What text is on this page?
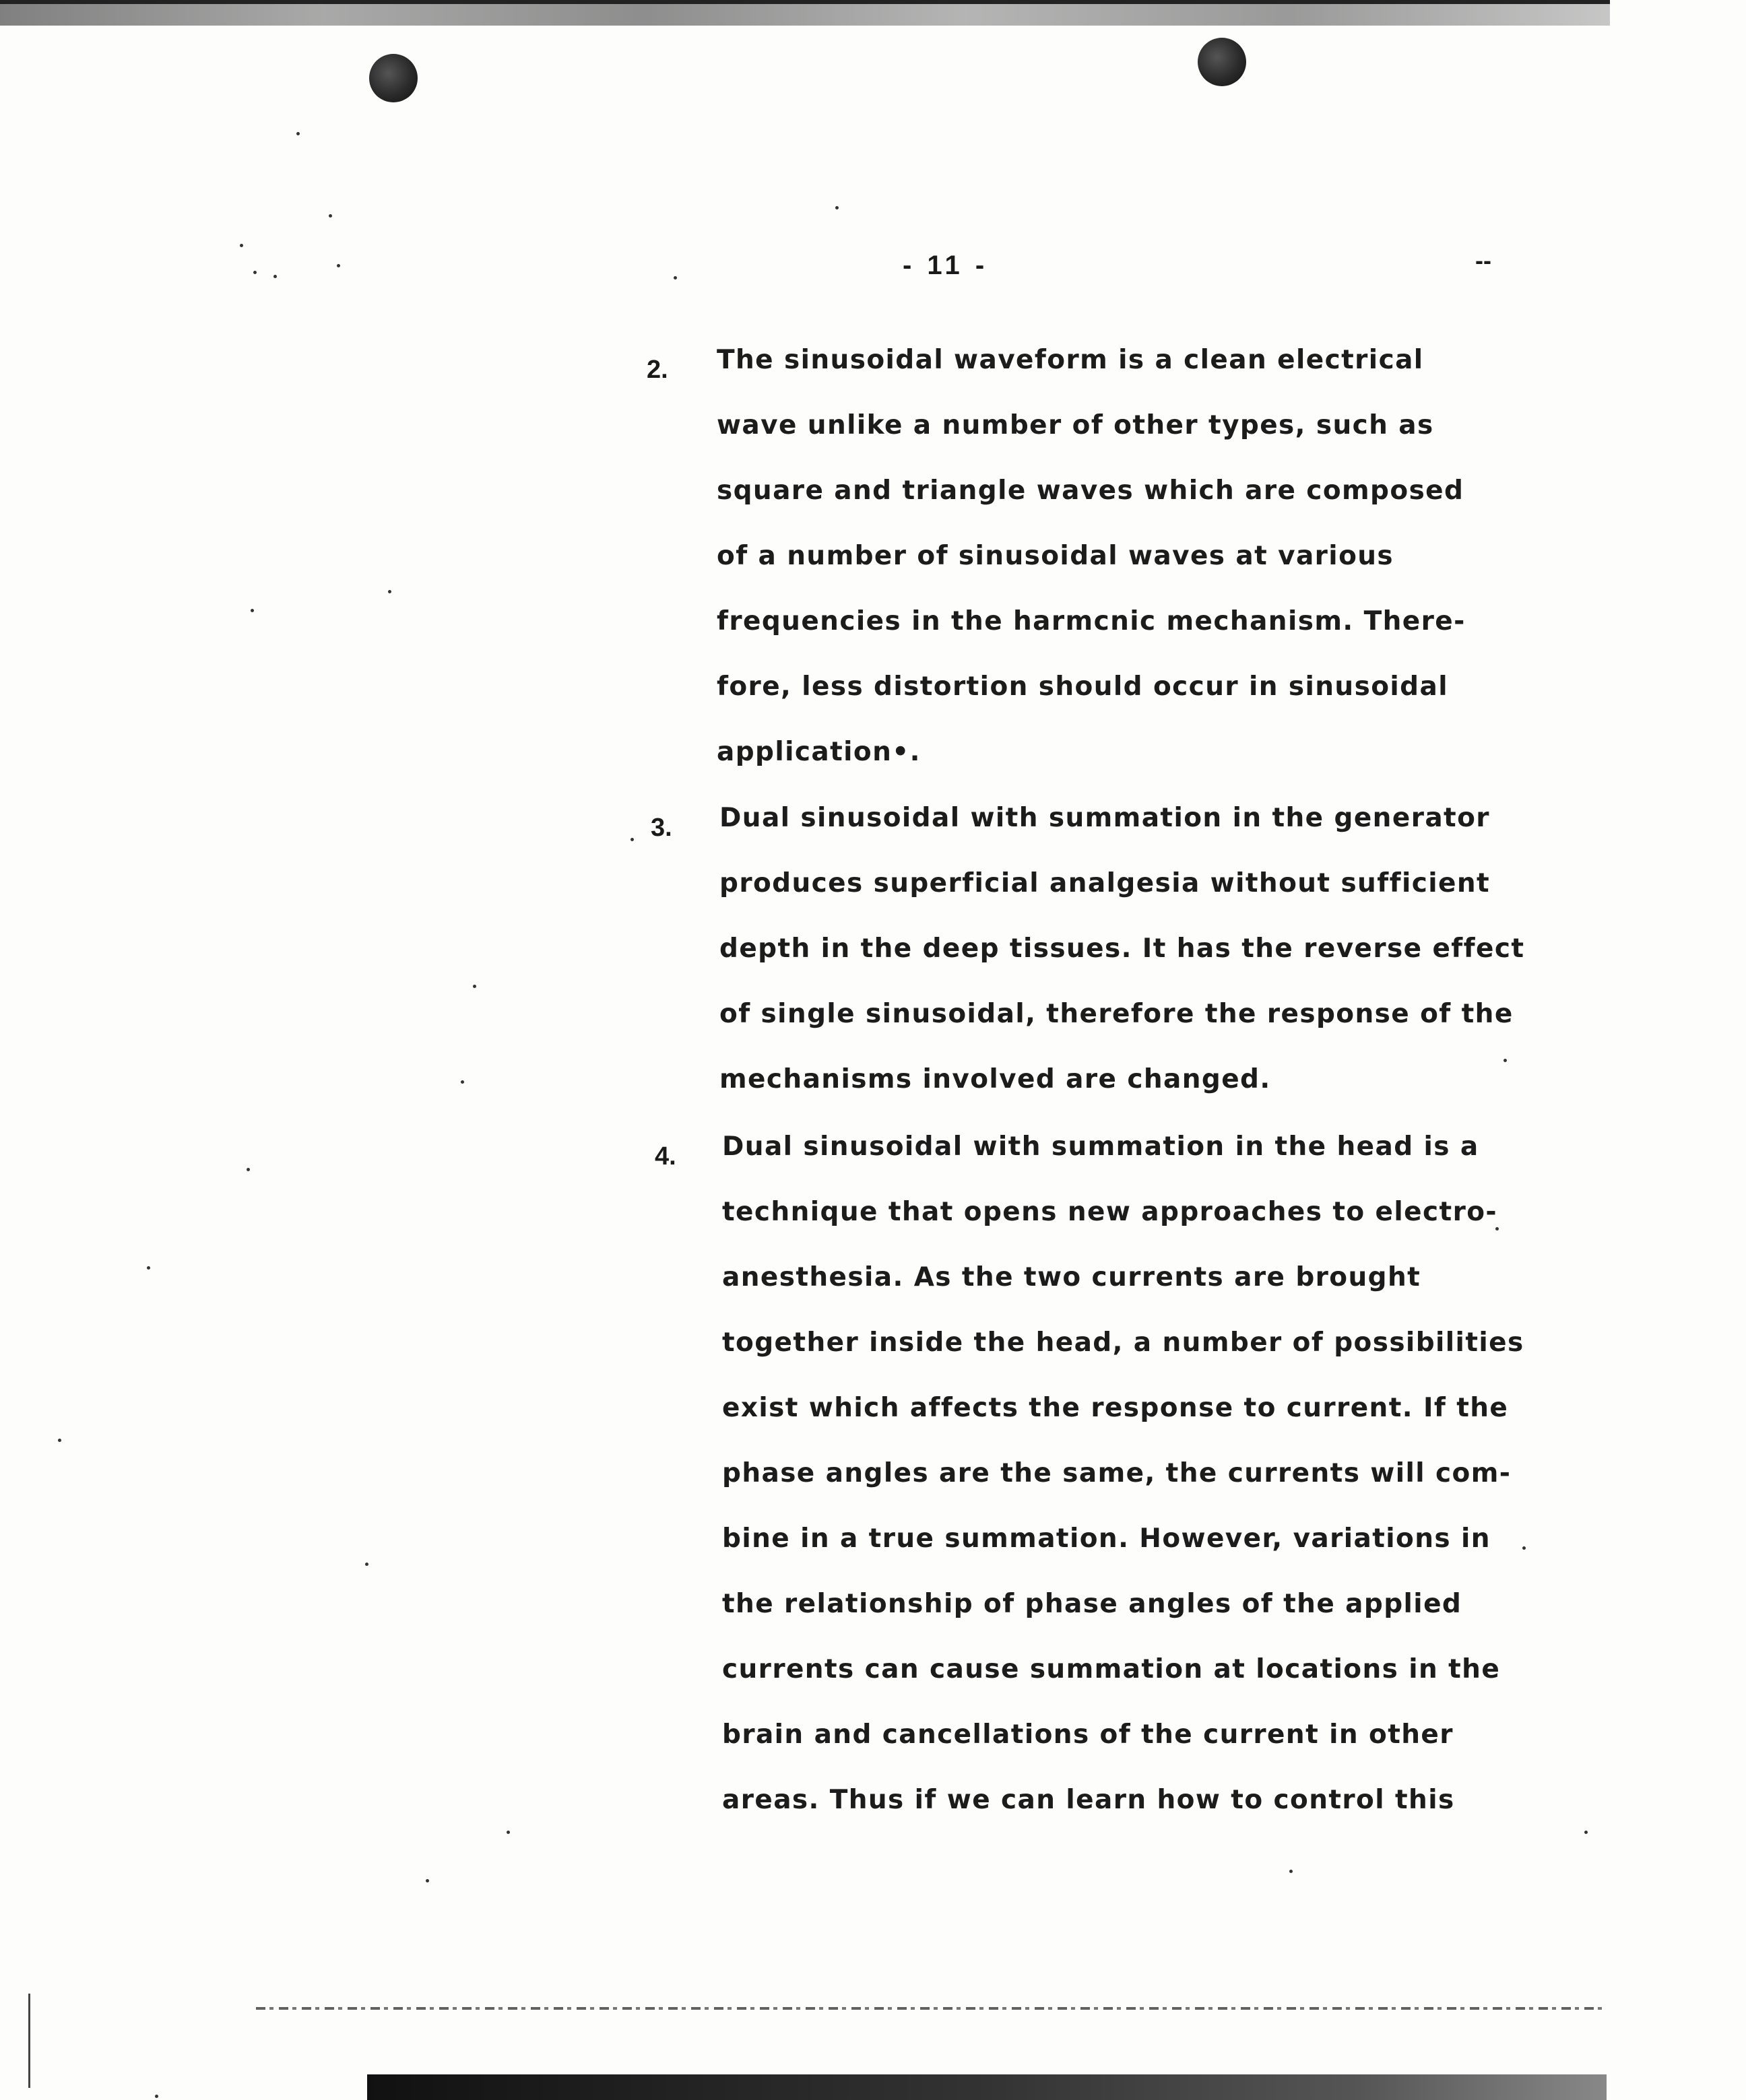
- 11 -	--
2. The sinusoidal waveform is a clean electrical
wave unlike a number of other types, such as
square and triangle waves which are composed
of a number of sinusoidal waves at various
frequencies in the harmcnic mechanism. There-
fore, less distortion should occur in sinusoidal
application•.
3. Dual sinusoidal with summation in the generator
produces superficial analgesia without sufficient
depth in the deep tissues. It has the reverse effect
of single sinusoidal, therefore the response of the
mechanisms involved are changed.
4. Dual sinusoidal with summation in the head is a
technique that opens new approaches to electro-
anesthesia. As the two currents are brought
together inside the head, a number of possibilities
exist which affects the response to current. If the
phase angles are the same, the currents will com-
bine in a true summation. However, variations in
the relationship of phase angles of the applied
currents can cause summation at locations in the
brain and cancellations of the current in other
areas. Thus if we can learn how to control this
